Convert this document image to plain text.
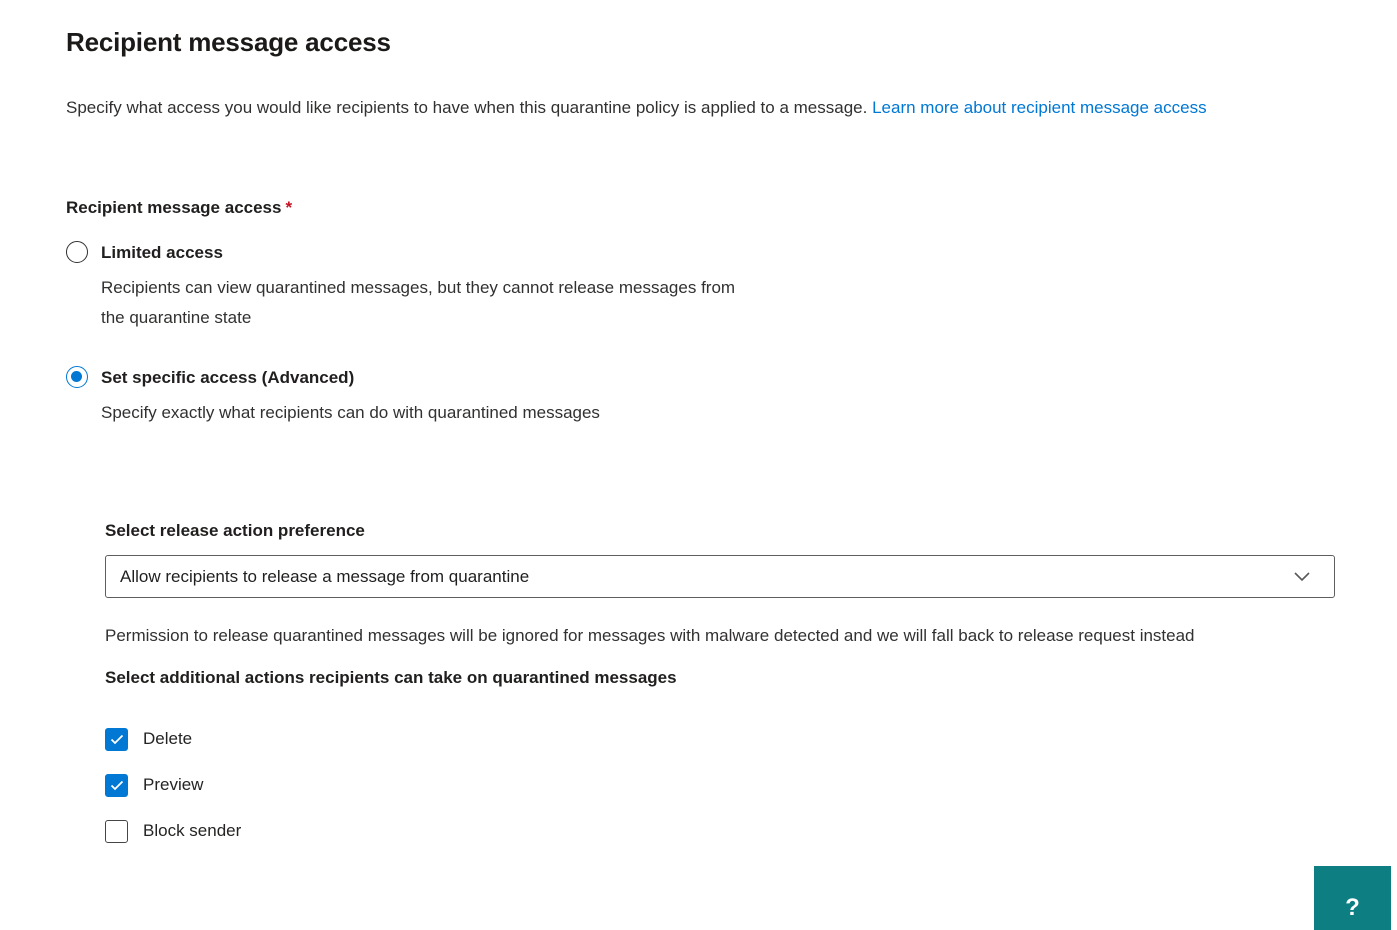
Recipient message access

Specify what access you would like recipients to have when this quarantine policy is applied to a message. Learn more about recipient message access

Recipient message access *
Limited access
Recipients can view quarantined messages, but they cannot release messages from the quarantine state
Set specific access (Advanced)
Specify exactly what recipients can do with quarantined messages
Select release action preference
Allow recipients to release a message from quarantine

Permission to release quarantined messages will be ignored for messages with malware detected and we will fall back to release request instead

Select additional actions recipients can take on quarantined messages
Delete
Preview
Block sender
?
